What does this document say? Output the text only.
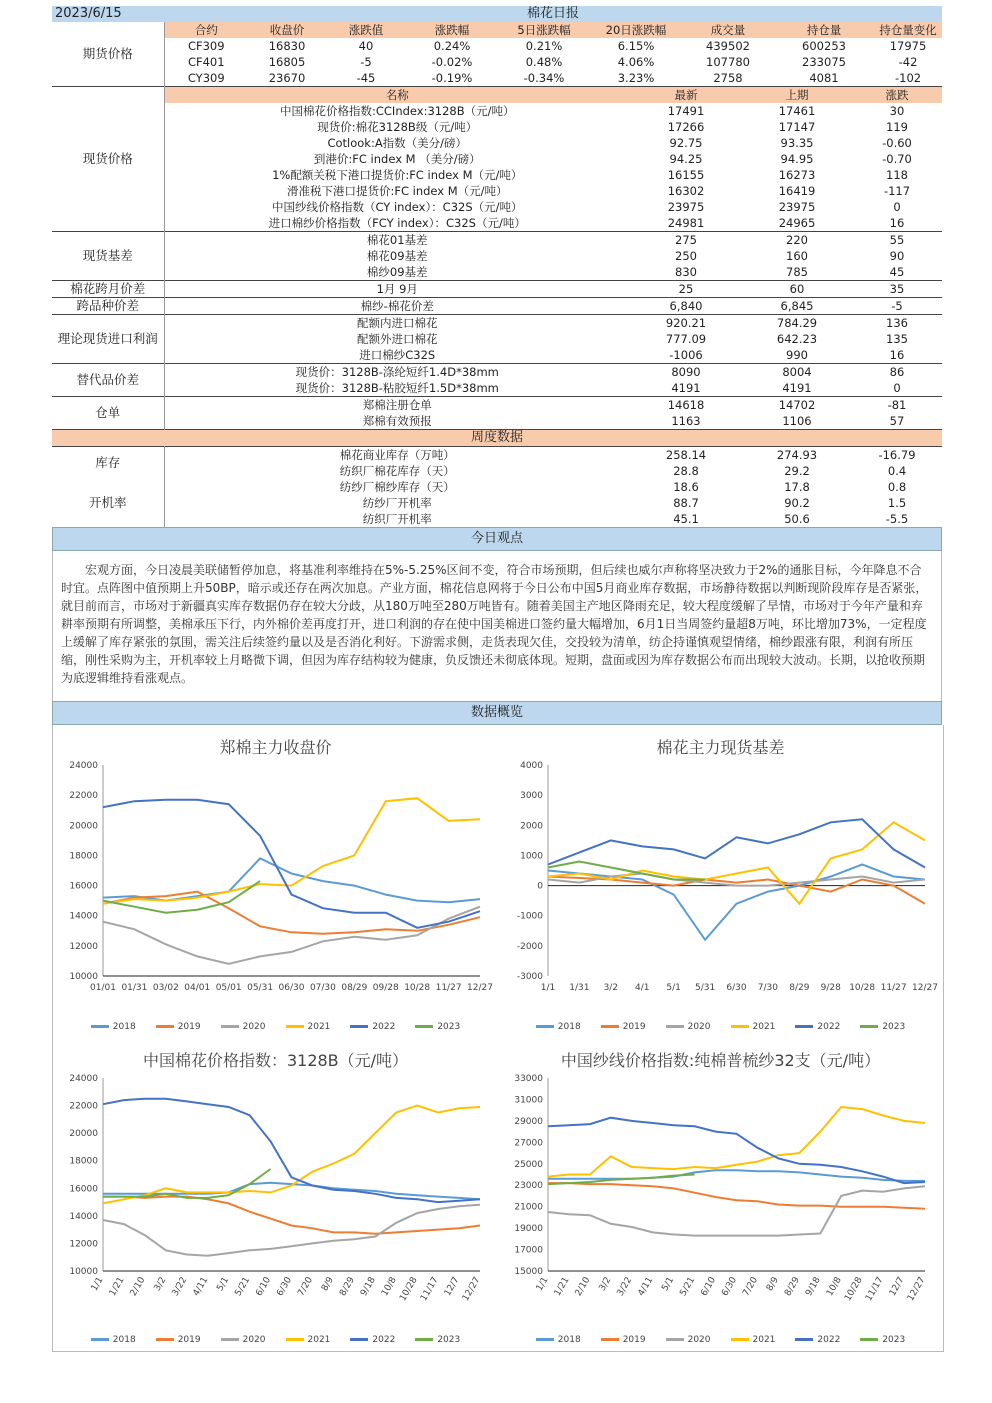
2023/6/15	棉花日报								
期货价格	合约	收盘价	涨跌值	涨跌幅	5日涨跌幅	20日涨跌幅	成交量	持仓量	持仓量变化
	CF309	16830	40	0.24%	0.21%	6.15%	439502	600253	17975
	CF401	16805	-5	-0.02%	0.48%	4.06%	107780	233075	-42
	CY309	23670	-45	-0.19%	-0.34%	3.23%	2758	4081	-102
现货价格	名称	最新	上期	涨跌
	中国棉花价格指数:CCIndex:3128B（元/吨）	17491	17461	30
	现货价:棉花3128B级（元/吨）	17266	17147	119
	Cotlook:A指数（美分/磅）	92.75	93.35	-0.60
	到港价:FC index M （美分/磅）	94.25	94.95	-0.70
	1%配额关税下港口提货价:FC index M（元/吨）	16155	16273	118
	滑准税下港口提货价:FC index M（元/吨）	16302	16419	-117
	中国纱线价格指数（CY index）：C32S（元/吨）	23975	23975	0
	进口棉纱价格指数（FCY index）：C32S（元/吨）	24981	24965	16
现货基差	棉花01基差	275	220	55
	棉花09基差	250	160	90
	棉纱09基差	830	785	45
棉花跨月价差	1月 9月	25	60	35
跨品种价差	棉纱-棉花价差	6,840	6,845	-5
理论现货进口利润	配额内进口棉花	920.21	784.29	136
	配额外进口棉花	777.09	642.23	135
	进口棉纱C32S	-1006	990	16
替代品价差	现货价：3128B-涤纶短纤1.4D*38mm	8090	8004	86
	现货价：3128B-粘胶短纤1.5D*38mm	4191	4191	0
仓单	郑棉注册仓单	14618	14702	-81
	郑棉有效预报	1163	1106	57
周度数据				
库存	棉花商业库存（万吨）	258.14	274.93	-16.79
	纺织厂棉花库存（天）	28.8	29.2	0.4
开机率	纺纱厂棉纱库存（天）	18.6	17.8	0.8
	纺纱厂开机率	88.7	90.2	1.5
	纺织厂开机率	45.1	50.6	-5.5
今日观点
宏观方面，今日凌晨美联储暂停加息，将基准利率维持在5%-5.25%区间不变，符合市场预期，但后续也威尔声称将坚决致力于2%的通胀目标，今年降息不合时宜。点阵图中值预期上升50BP，暗示或还存在两次加息。产业方面，棉花信息网将于今日公布中国5月商业库存数据，市场静待数据以判断现阶段库存是否紧张，就目前而言，市场对于新疆真实库存数据仍存在较大分歧，从180万吨至280万吨皆有。随着美国主产地区降雨充足，较大程度缓解了旱情，市场对于今年产量和弃耕率预期有所调整，美棉承压下行，内外棉价差再度打开，进口利润的存在使中国美棉进口签约量大幅增加，6月1日当周签约量超8万吨，环比增加73%，一定程度上缓解了库存紧张的氛围，需关注后续签约量以及是否消化利好。下游需求侧，走货表现欠佳，交投较为清单，纺企持谨慎观望情绪，棉纱跟涨有限，利润有所压缩，刚性采购为主，开机率较上月略微下调，但因为库存结构较为健康，负反馈还未彻底体现。短期，盘面或因为库存数据公布而出现较大波动。长期，以抢收预期为底逻辑维持看涨观点。
数据概览
郑棉主力收盘价
10000
12000
14000
16000
18000
20000
22000
24000
01/01 01/31 03/02 04/01 05/01 05/31 06/30 07/30 08/29 09/28 10/28 11/27 12/27
2018	2019	2020	2021	2022	2023
棉花主力现货基差
-3000
-2000
-1000
0
1000
2000
3000
4000
1/1 1/31 3/2 4/1 5/1 5/31 6/30 7/30 8/29 9/28 10/28 11/27 12/27
2018	2019	2020	2021	2022	2023
中国棉花价格指数：3128B（元/吨）
10000
12000
14000
16000
18000
20000
22000
24000
1/1 1/21 2/10 3/2 3/22 4/11 5/1 5/21 6/10 6/30 7/20 8/9 8/29 9/18 10/8 10/28 11/17 12/7 12/27
2018	2019	2020	2021	2022	2023
中国纱线价格指数:纯棉普梳纱32支（元/吨）
15000
17000
19000
21000
23000
25000
27000
29000
31000
33000
1/1 1/21 2/10 3/2 3/22 4/11 5/1 5/21 6/10 6/30 7/20 8/9 8/29 9/18 10/8 10/28 11/17 12/7 12/27
2018	2019	2020	2021	2022	2023
